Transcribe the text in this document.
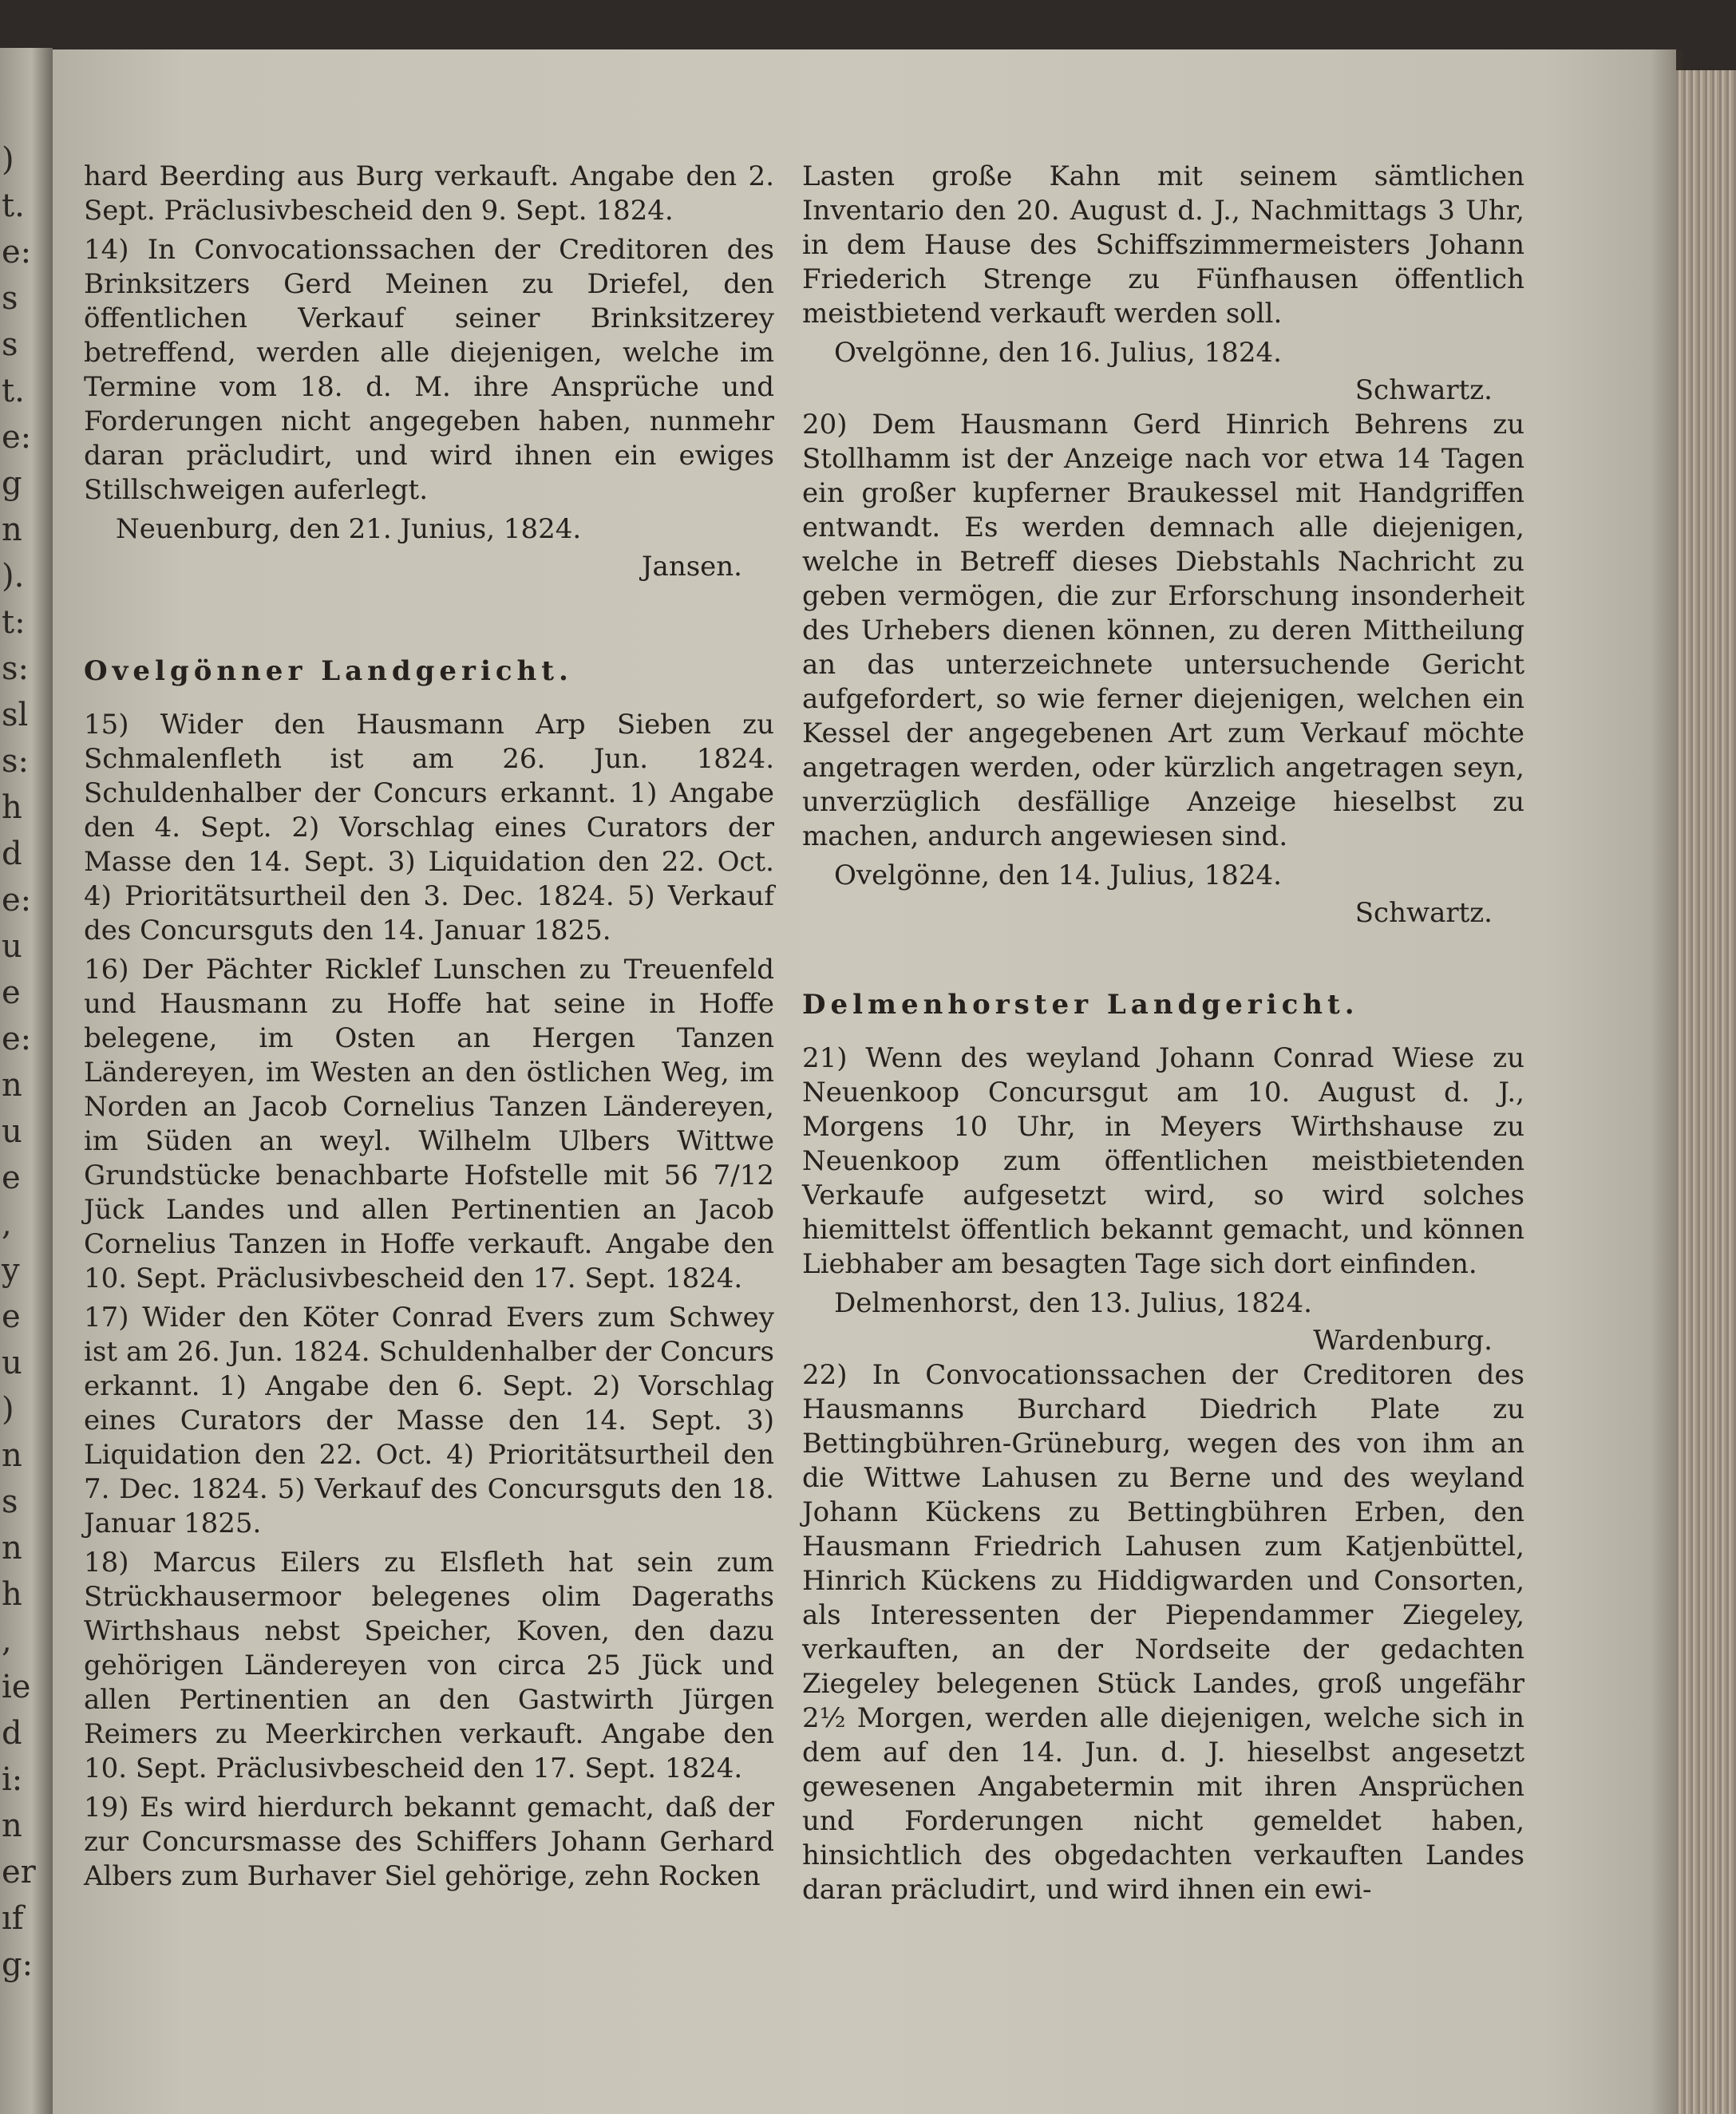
)
t.
e:
s
s
t.
e:
g
n
).
t:
s:
sl
s:
h
d
e:
u
e
e:
n
u
e
,
y
e
u
)
n
s
n
h
,
ie
d
i:
n
er
ıf
g:

hard Beerding aus Burg verkauft. Angabe den 2. Sept. Präclusivbescheid den 9. Sept. 1824.

14) In Convocationssachen der Creditoren des Brinksitzers Gerd Meinen zu Driefel, den öffentlichen Verkauf seiner Brinksitzerey betreffend, werden alle diejenigen, welche im Termine vom 18. d. M. ihre Ansprüche und Forderungen nicht angegeben haben, nunmehr daran präcludirt, und wird ihnen ein ewiges Stillschweigen auferlegt.

Neuenburg, den 21. Junius, 1824.

Jansen.

Ovelgönner Landgericht.

15) Wider den Hausmann Arp Sieben zu Schmalenfleth ist am 26. Jun. 1824. Schuldenhalber der Concurs erkannt. 1) Angabe den 4. Sept. 2) Vorschlag eines Curators der Masse den 14. Sept. 3) Liquidation den 22. Oct. 4) Prioritätsurtheil den 3. Dec. 1824. 5) Verkauf des Concursguts den 14. Januar 1825.

16) Der Pächter Ricklef Lunschen zu Treuenfeld und Hausmann zu Hoffe hat seine in Hoffe belegene, im Osten an Hergen Tanzen Ländereyen, im Westen an den östlichen Weg, im Norden an Jacob Cornelius Tanzen Ländereyen, im Süden an weyl. Wilhelm Ulbers Wittwe Grundstücke benachbarte Hofstelle mit 56 7/12 Jück Landes und allen Pertinentien an Jacob Cornelius Tanzen in Hoffe verkauft. Angabe den 10. Sept. Präclusivbescheid den 17. Sept. 1824.

17) Wider den Köter Conrad Evers zum Schwey ist am 26. Jun. 1824. Schuldenhalber der Concurs erkannt. 1) Angabe den 6. Sept. 2) Vorschlag eines Curators der Masse den 14. Sept. 3) Liquidation den 22. Oct. 4) Prioritätsurtheil den 7. Dec. 1824. 5) Verkauf des Concursguts den 18. Januar 1825.

18) Marcus Eilers zu Elsfleth hat sein zum Strückhausermoor belegenes olim Dageraths Wirthshaus nebst Speicher, Koven, den dazu gehörigen Ländereyen von circa 25 Jück und allen Pertinentien an den Gastwirth Jürgen Reimers zu Meerkirchen verkauft. Angabe den 10. Sept. Präclusivbescheid den 17. Sept. 1824.

19) Es wird hierdurch bekannt gemacht, daß der zur Concursmasse des Schiffers Johann Gerhard Albers zum Burhaver Siel gehörige, zehn Rocken

Lasten große Kahn mit seinem sämtlichen Inventario den 20. August d. J., Nachmittags 3 Uhr, in dem Hause des Schiffszimmermeisters Johann Friederich Strenge zu Fünfhausen öffentlich meistbietend verkauft werden soll.

Ovelgönne, den 16. Julius, 1824.

Schwartz.

20) Dem Hausmann Gerd Hinrich Behrens zu Stollhamm ist der Anzeige nach vor etwa 14 Tagen ein großer kupferner Braukessel mit Handgriffen entwandt. Es werden demnach alle diejenigen, welche in Betreff dieses Diebstahls Nachricht zu geben vermögen, die zur Erforschung insonderheit des Urhebers dienen können, zu deren Mittheilung an das unterzeichnete untersuchende Gericht aufgefordert, so wie ferner diejenigen, welchen ein Kessel der angegebenen Art zum Verkauf möchte angetragen werden, oder kürzlich angetragen seyn, unverzüglich desfällige Anzeige hieselbst zu machen, andurch angewiesen sind.

Ovelgönne, den 14. Julius, 1824.

Schwartz.

Delmenhorster Landgericht.

21) Wenn des weyland Johann Conrad Wiese zu Neuenkoop Concursgut am 10. August d. J., Morgens 10 Uhr, in Meyers Wirthshause zu Neuenkoop zum öffentlichen meistbietenden Verkaufe aufgesetzt wird, so wird solches hiemittelst öffentlich bekannt gemacht, und können Liebhaber am besagten Tage sich dort einfinden.

Delmenhorst, den 13. Julius, 1824.

Wardenburg.

22) In Convocationssachen der Creditoren des Hausmanns Burchard Diedrich Plate zu Bettingbühren-Grüneburg, wegen des von ihm an die Wittwe Lahusen zu Berne und des weyland Johann Kückens zu Bettingbühren Erben, den Hausmann Friedrich Lahusen zum Katjenbüttel, Hinrich Kückens zu Hiddigwarden und Consorten, als Interessenten der Piependammer Ziegeley, verkauften, an der Nordseite der gedachten Ziegeley belegenen Stück Landes, groß ungefähr 2½ Morgen, werden alle diejenigen, welche sich in dem auf den 14. Jun. d. J. hieselbst angesetzt gewesenen Angabetermin mit ihren Ansprüchen und Forderungen nicht gemeldet haben, hinsichtlich des obgedachten verkauften Landes daran präcludirt, und wird ihnen ein ewi-
